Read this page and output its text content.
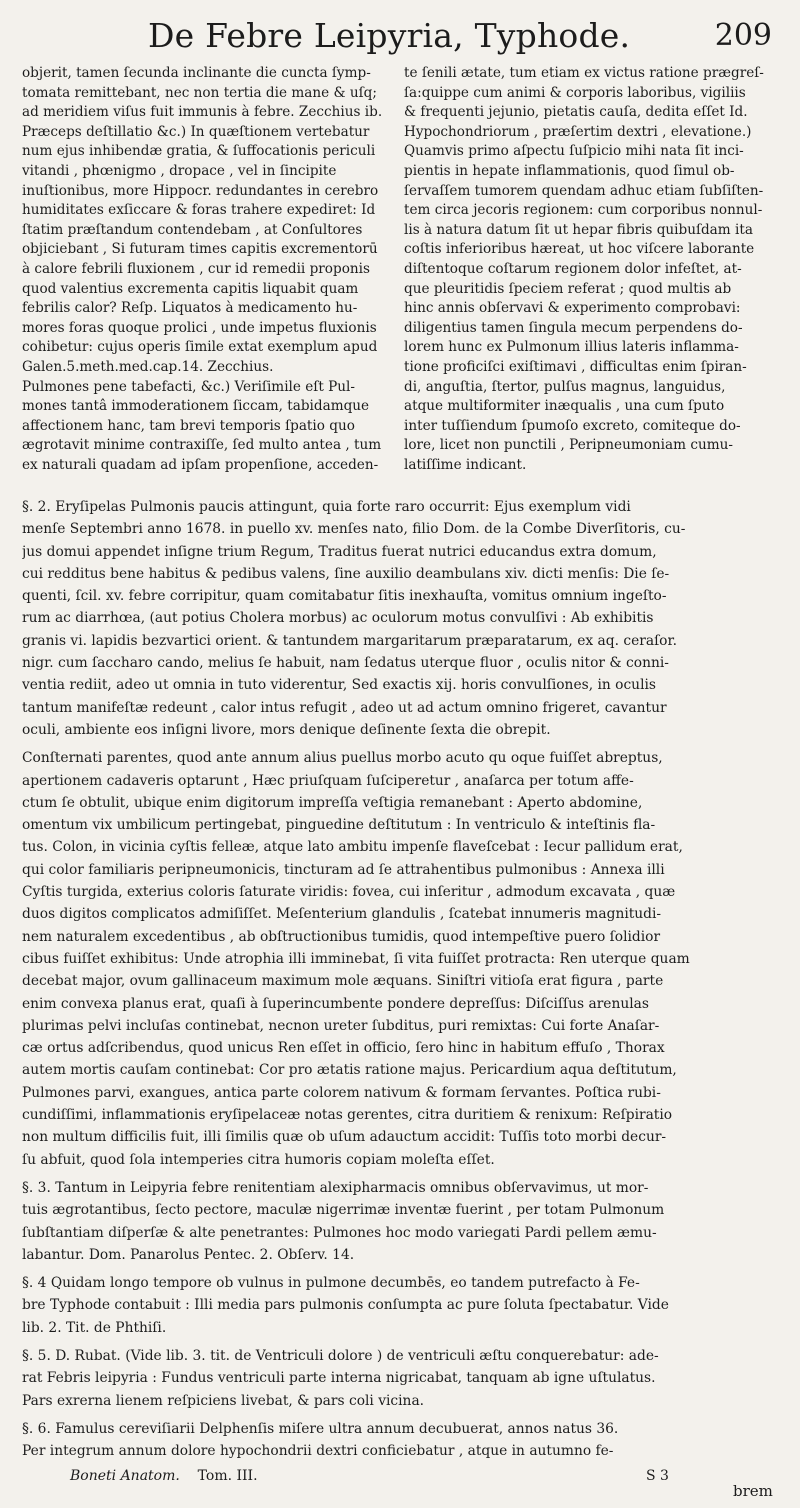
De Febre Leipyria, Typhode.	209
objerit, tamen ſecunda inclinante die cuncta ſymp-
tomata remittebant, nec non tertia die mane & uſq;
ad meridiem viſus fuit immunis à febre. Zecchius ib.
Præceps deſtillatio &c.) In quæſtionem vertebatur
num ejus inhibendæ gratia, & ſuffocationis periculi
vitandi , phœnigmo , dropace , vel in ſincipite
inuſtionibus, more Hippocr. redundantes in cerebro
humiditates exſiccare & foras trahere expediret: Id
ſtatim præſtandum contendebam , at Conſultores
objiciebant , Si futuram times capitis excrementorū
à calore febrili fluxionem , cur id remedii proponis
quod valentius excrementa capitis liquabit quam
febrilis calor? Reſp. Liquatos à medicamento hu-
mores foras quoque prolici , unde impetus fluxionis
cohibetur: cujus operis ſimile extat exemplum apud
Galen.5.meth.med.cap.14. Zecchius.
Pulmones pene tabefacti, &c.) Veriſimile eſt Pul-
mones tantâ immoderationem ſiccam, tabidamque
affectionem hanc, tam brevi temporis ſpatio quo
ægrotavit minime contraxiſſe, ſed multo antea , tum
ex naturali quadam ad ipſam propenſione, acceden-
te ſenili ætate, tum etiam ex victus ratione prægreſ-
ſa:quippe cum animi & corporis laboribus, vigiliis
& frequenti jejunio, pietatis cauſa, dedita eſſet Id.
Hypochondriorum , præſertim dextri , elevatione.)
Quamvis primo aſpectu ſuſpicio mihi nata ſit inci-
pientis in hepate inflammationis, quod ſimul ob-
ſervaſſem tumorem quendam adhuc etiam ſubſiſten-
tem circa jecoris regionem: cum corporibus nonnul-
lis à natura datum ſit ut hepar fibris quibuſdam ita
coſtis inferioribus hæreat, ut hoc viſcere laborante
diſtentoque coſtarum regionem dolor infeſtet, at-
que pleuritidis ſpeciem referat ; quod multis ab
hinc annis obſervavi & experimento comprobavi:
diligentius tamen ſingula mecum perpendens do-
lorem hunc ex Pulmonum illius lateris inflamma-
tione proficiſci exiſtimavi , difficultas enim ſpiran-
di, anguſtia, ſtertor, pulſus magnus, languidus,
atque multiformiter inæqualis , una cum ſputo
inter tuſſiendum ſpumoſo excreto, comiteque do-
lore, licet non punctili , Peripneumoniam cumu-
latiſſime indicant.
§. 2. Eryſipelas Pulmonis paucis attingunt, quia forte raro occurrit: Ejus exemplum vidi
menſe Septembri anno 1678. in puello xv. menſes nato, filio Dom. de la Combe Diverſitoris, cu-
jus domui appendet inſigne trium Regum, Traditus fuerat nutrici educandus extra domum,
cui redditus bene habitus & pedibus valens, ſine auxilio deambulans xiv. dicti menſis: Die ſe-
quenti, ſcil. xv. febre corripitur, quam comitabatur ſitis inexhauſta, vomitus omnium ingeſto-
rum ac diarrhœa, (aut potius Cholera morbus) ac oculorum motus convulſivi : Ab exhibitis
granis vi. lapidis bezvartici orient. & tantundem margaritarum præparatarum, ex aq. ceraſor.
nigr. cum ſaccharo cando, melius ſe habuit, nam ſedatus uterque fluor , oculis nitor & conni-
ventia rediit, adeo ut omnia in tuto viderentur, Sed exactis xij. horis convulſiones, in oculis
tantum manifeſtæ redeunt , calor intus refugit , adeo ut ad actum omnino frigeret, cavantur
oculi, ambiente eos inſigni livore, mors denique deſinente ſexta die obrepit.
Conſternati parentes, quod ante annum alius puellus morbo acuto qu oque fuiſſet abreptus,
apertionem cadaveris optarunt , Hæc priuſquam ſuſciperetur , anaſarca per totum affe-
ctum ſe obtulit, ubique enim digitorum impreſſa veſtigia remanebant : Aperto abdomine,
omentum vix umbilicum pertingebat, pinguedine deſtitutum : In ventriculo & inteſtinis fla-
tus. Colon, in vicinia cyſtis felleæ, atque lato ambitu impenſe flaveſcebat : Iecur pallidum erat,
qui color familiaris peripneumonicis, tincturam ad ſe attrahentibus pulmonibus : Annexa illi
Cyſtis turgida, exterius coloris ſaturate viridis: fovea, cui inſeritur , admodum excavata , quæ
duos digitos complicatos admiſiſſet. Meſenterium glandulis , ſcatebat innumeris magnitudi-
nem naturalem excedentibus , ab obſtructionibus tumidis, quod intempeſtive puero ſolidior
cibus fuiſſet exhibitus: Unde atrophia illi imminebat, ſi vita fuiſſet protracta: Ren uterque quam
decebat major, ovum gallinaceum maximum mole æquans. Siniſtri vitioſa erat figura , parte
enim convexa planus erat, quaſi à ſuperincumbente pondere depreſſus: Diſciſſus arenulas
plurimas pelvi incluſas continebat, necnon ureter ſubditus, puri remixtas: Cui forte Anaſar-
cæ ortus adſcribendus, quod unicus Ren eſſet in officio, ſero hinc in habitum effuſo , Thorax
autem mortis cauſam continebat: Cor pro ætatis ratione majus. Pericardium aqua deſtitutum,
Pulmones parvi, exangues, antica parte colorem nativum & formam ſervantes. Poſtica rubi-
cundiſſimi, inflammationis eryſipelaceæ notas gerentes, citra duritiem & renixum: Reſpiratio
non multum difficilis fuit, illi ſimilis quæ ob uſum adauctum accidit: Tuſſis toto morbi decur-
ſu abfuit, quod ſola intemperies citra humoris copiam moleſta eſſet.
§. 3. Tantum in Leipyria febre renitentiam alexipharmacis omnibus obſervavimus, ut mor-
tuis ægrotantibus, ſecto pectore, maculæ nigerrimæ inventæ fuerint , per totam Pulmonum
ſubſtantiam diſperſæ & alte penetrantes: Pulmones hoc modo variegati Pardi pellem æmu-
labantur. Dom. Panarolus Pentec. 2. Obſerv. 14.
§. 4 Quidam longo tempore ob vulnus in pulmone decumbēs, eo tandem putrefacto à Fe-
bre Typhode contabuit : Illi media pars pulmonis conſumpta ac pure ſoluta ſpectabatur. Vide
lib. 2. Tit. de Phthiſi.
§. 5. D. Rubat. (Vide lib. 3. tit. de Ventriculi dolore ) de ventriculi æſtu conquerebatur: ade-
rat Febris leipyria : Fundus ventriculi parte interna nigricabat, tanquam ab igne uſtulatus.
Pars exrerna lienem reſpiciens livebat, & pars coli vicina.
§. 6. Famulus cereviſiarii Delphenſis miſere ultra annum decubuerat, annos natus 36.
Per integrum annum dolore hypochondrii dextri conficiebatur , atque in autumno fe-
Boneti Anatom. Tom. III.	S 3
brem
